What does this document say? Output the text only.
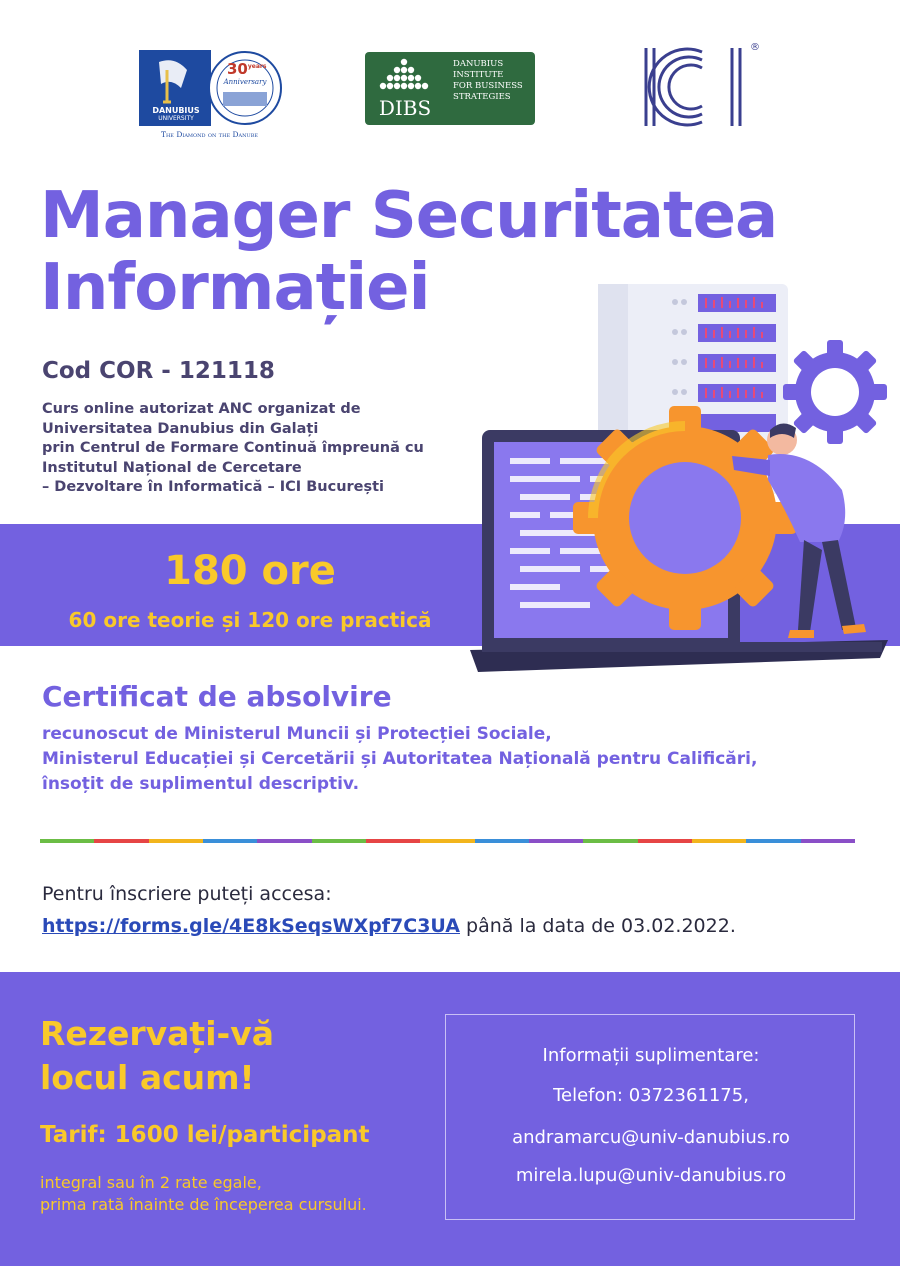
DANUBIUS
UNIVERSITY
$30^{years}$
Anniversary
The Diamond on the Danube
DIBS
DANUBIUS
INSTITUTE
FOR BUSINESS
STRATEGIES
®
Manager Securitatea
Informației
Cod COR - 121118
Curs online autorizat ANC organizat de
Universitatea Danubius din Galați
prin Centrul de Formare Continuă împreună cu
Institutul Național de Cercetare
– Dezvoltare în Informatică – ICI București
180 ore
60 ore teorie și 120 ore practică
Certificat de absolvire
recunoscut de Ministerul Muncii și Protecției Sociale,
Ministerul Educației și Cercetării și Autoritatea Națională pentru Calificări,
însoțit de suplimentul descriptiv.
Pentru înscriere puteți accesa:
https://forms.gle/4E8kSeqsWXpf7C3UA până la data de 03.02.2022.
Rezervați-vă
locul acum!
Tarif: 1600 lei/participant
integral sau în 2 rate egale,
prima rată înainte de începerea cursului.
Informații suplimentare:
Telefon: 0372361175,
andramarcu@univ-danubius.ro
mirela.lupu@univ-danubius.ro
